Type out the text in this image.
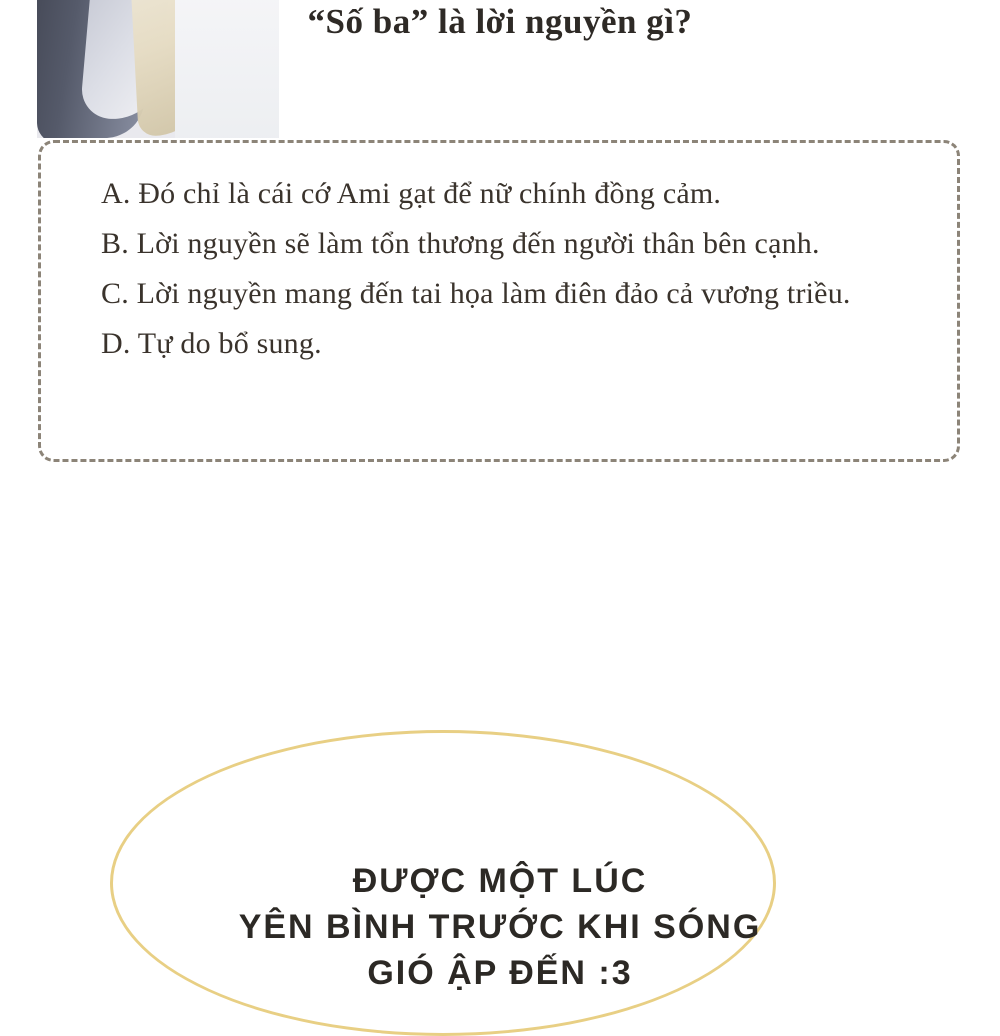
“Số ba” là lời nguyền gì?
A. Đó chỉ là cái cớ Ami gạt để nữ chính đồng cảm.
B. Lời nguyền sẽ làm tổn thương đến người thân bên cạnh.
C. Lời nguyền mang đến tai họa làm điên đảo cả vương triều.
D. Tự do bổ sung.
ĐƯỢC MỘT LÚC
YÊN BÌNH TRƯỚC KHI SÓNG
GIÓ ẬP ĐẾN :3
